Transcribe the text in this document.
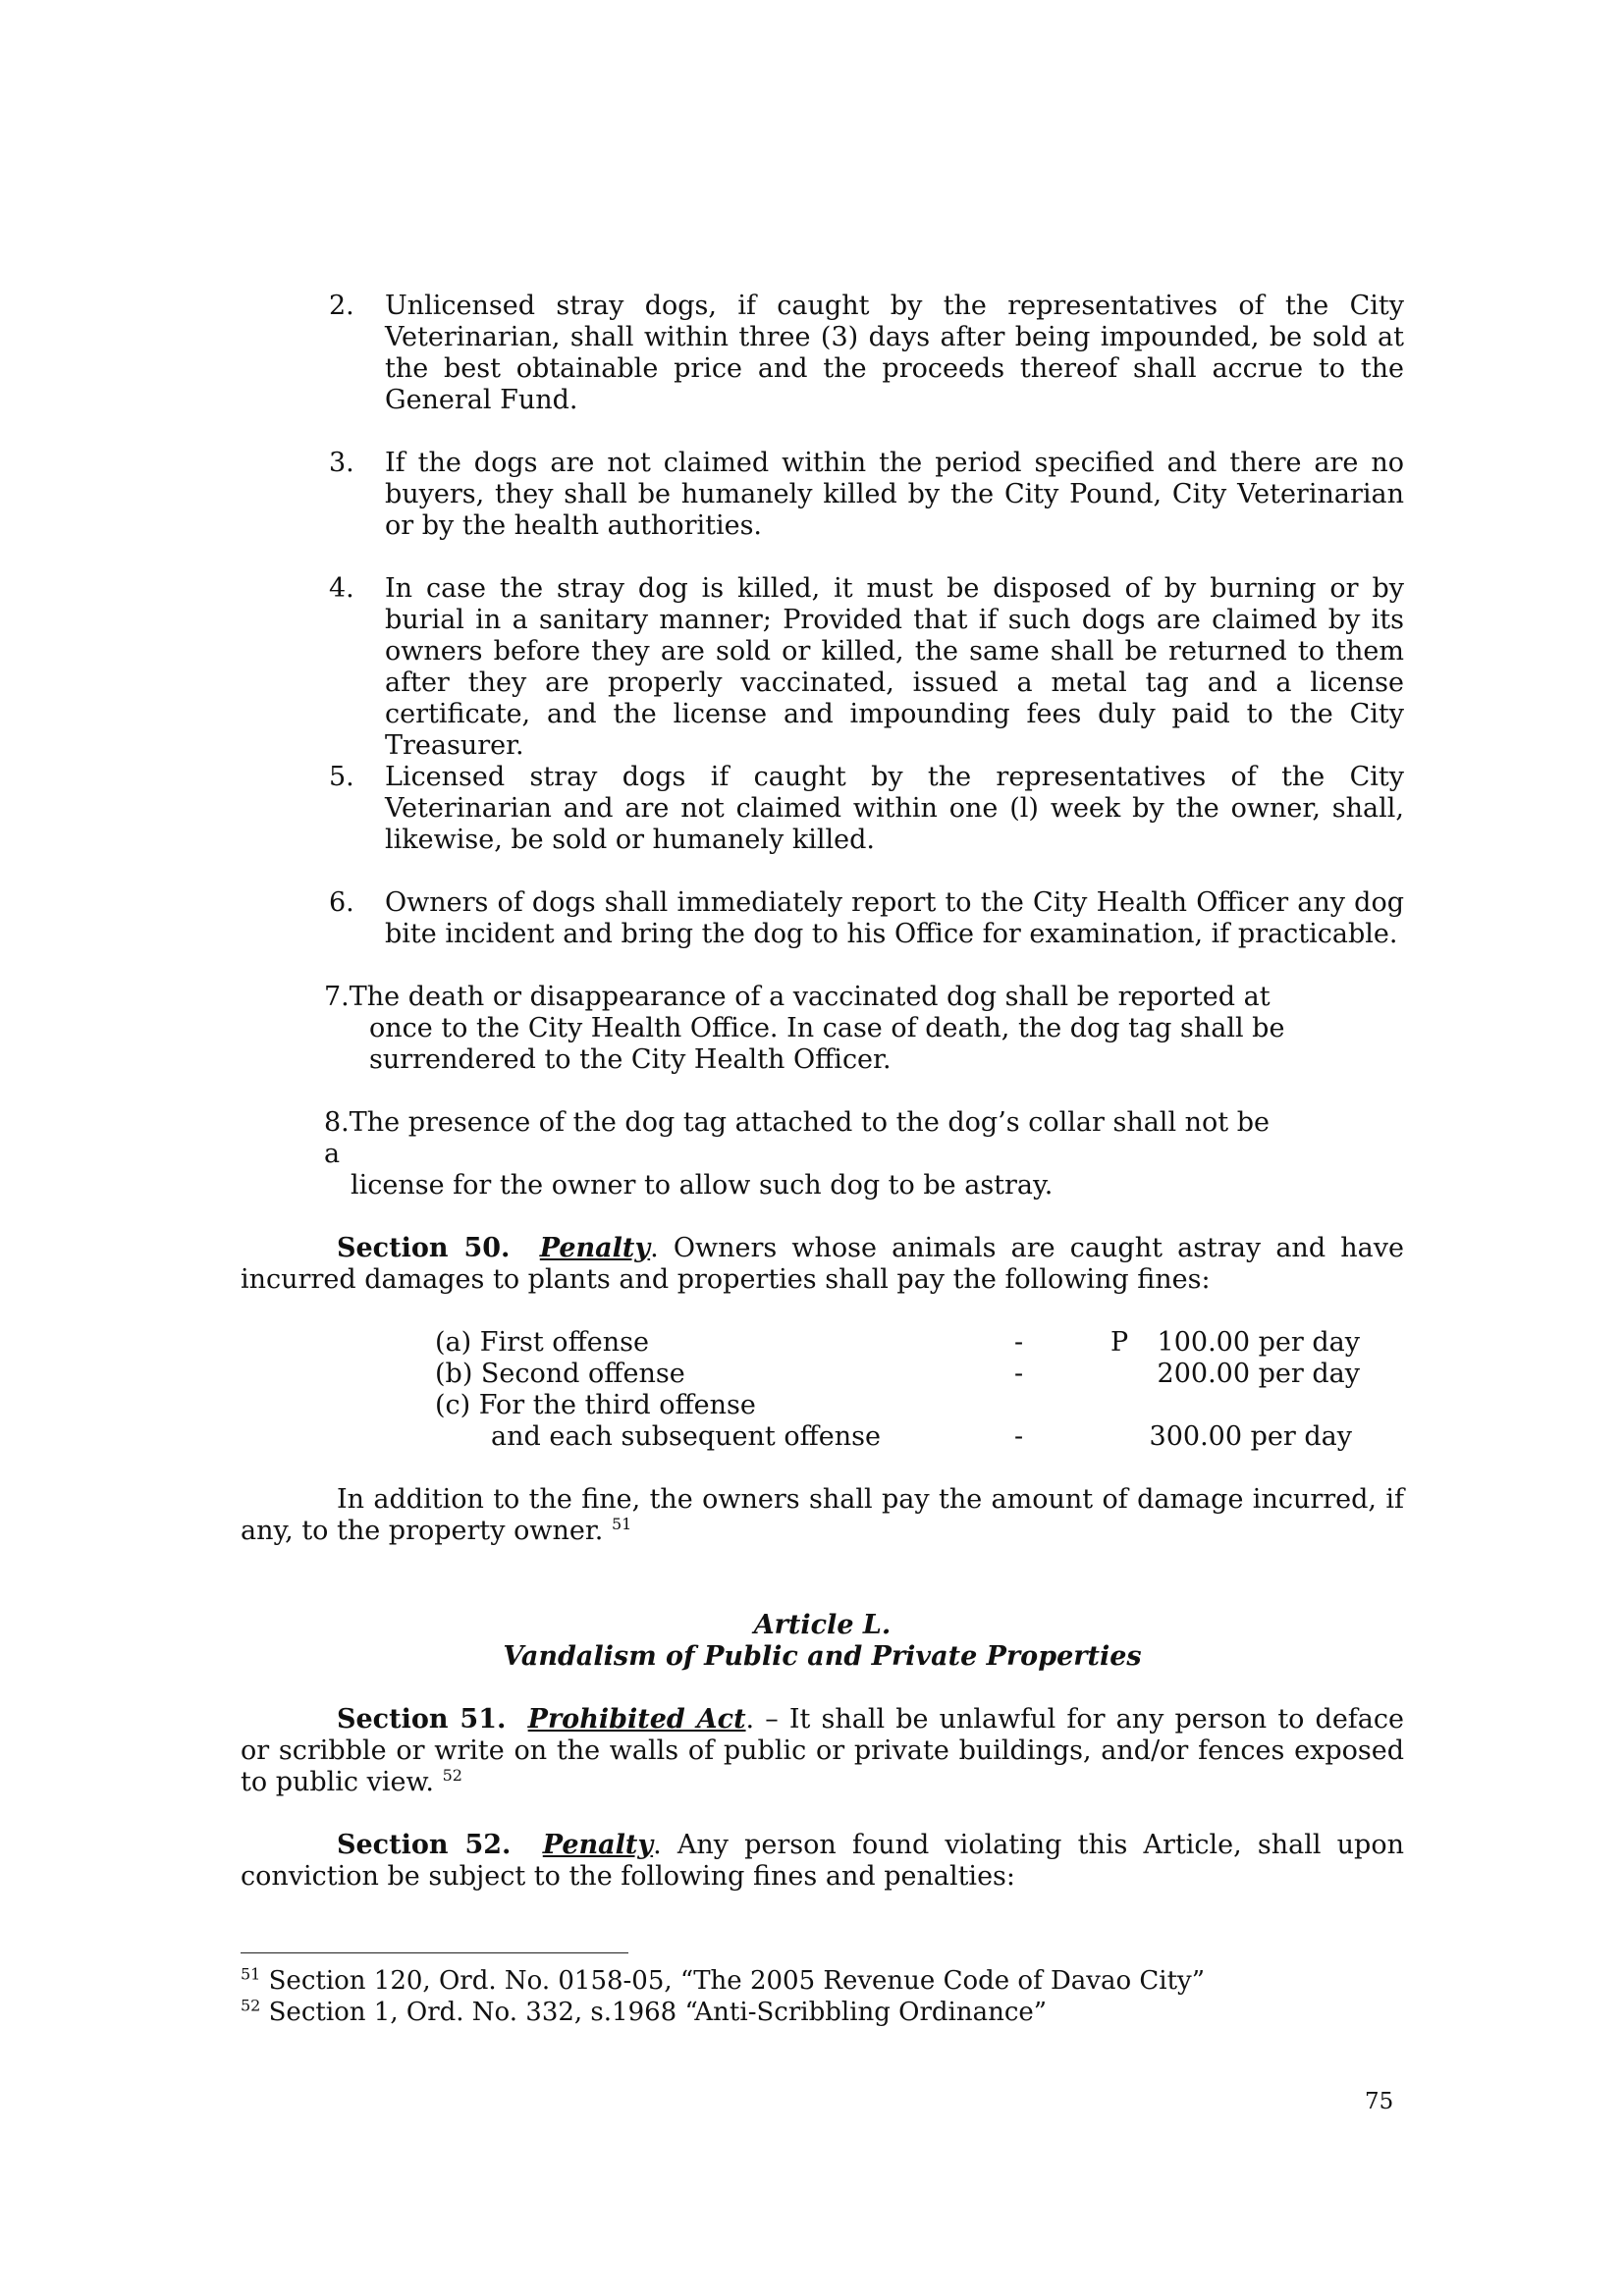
2.	Unlicensed stray dogs, if caught by the representatives of the City Veterinarian, shall within three (3) days after being impounded, be sold at the best obtainable price and the proceeds thereof shall accrue to the General Fund.
3.	If the dogs are not claimed within the period specified and there are no buyers, they shall be humanely killed by the City Pound, City Veterinarian or by the health authorities.
4.	In case the stray dog is killed, it must be disposed of by burning or by burial in a sanitary manner; Provided that if such dogs are claimed by its owners before they are sold or killed, the same shall be returned to them after they are properly vaccinated, issued a metal tag and a license certificate, and the license and impounding fees duly paid to the City Treasurer.
5.	Licensed stray dogs if caught by the representatives of the City Veterinarian and are not claimed within one (l) week by the owner, shall, likewise, be sold or humanely killed.
6.	Owners of dogs shall immediately report to the City Health Officer any dog bite incident and bring the dog to his Office for examination, if practicable.
7.The death or disappearance of a vaccinated dog shall be reported at
once to the City Health Office. In case of death, the dog tag shall be
surrendered to the City Health Officer.
8.The presence of the dog tag attached to the dog’s collar shall not be a
license for the owner to allow such dog to be astray.
Section 50. Penalty. Owners whose animals are caught astray and have incurred damages to plants and properties shall pay the following fines:
(a) First offense	-	P 100.00 per day
(b) Second offense	-	200.00 per day
(c) For the third offense
and each subsequent offense	-	300.00 per day
In addition to the fine, the owners shall pay the amount of damage incurred, if any, to the property owner. $^{51}$
Article L.
Vandalism of Public and Private Properties
Section 51. Prohibited Act. – It shall be unlawful for any person to deface or scribble or write on the walls of public or private buildings, and/or fences exposed to public view. $^{52}$
Section 52. Penalty. Any person found violating this Article, shall upon conviction be subject to the following fines and penalties:
$^{51}$ Section 120, Ord. No. 0158-05, “The 2005 Revenue Code of Davao City”
$^{52}$ Section 1, Ord. No. 332, s.1968 “Anti-Scribbling Ordinance”
75
